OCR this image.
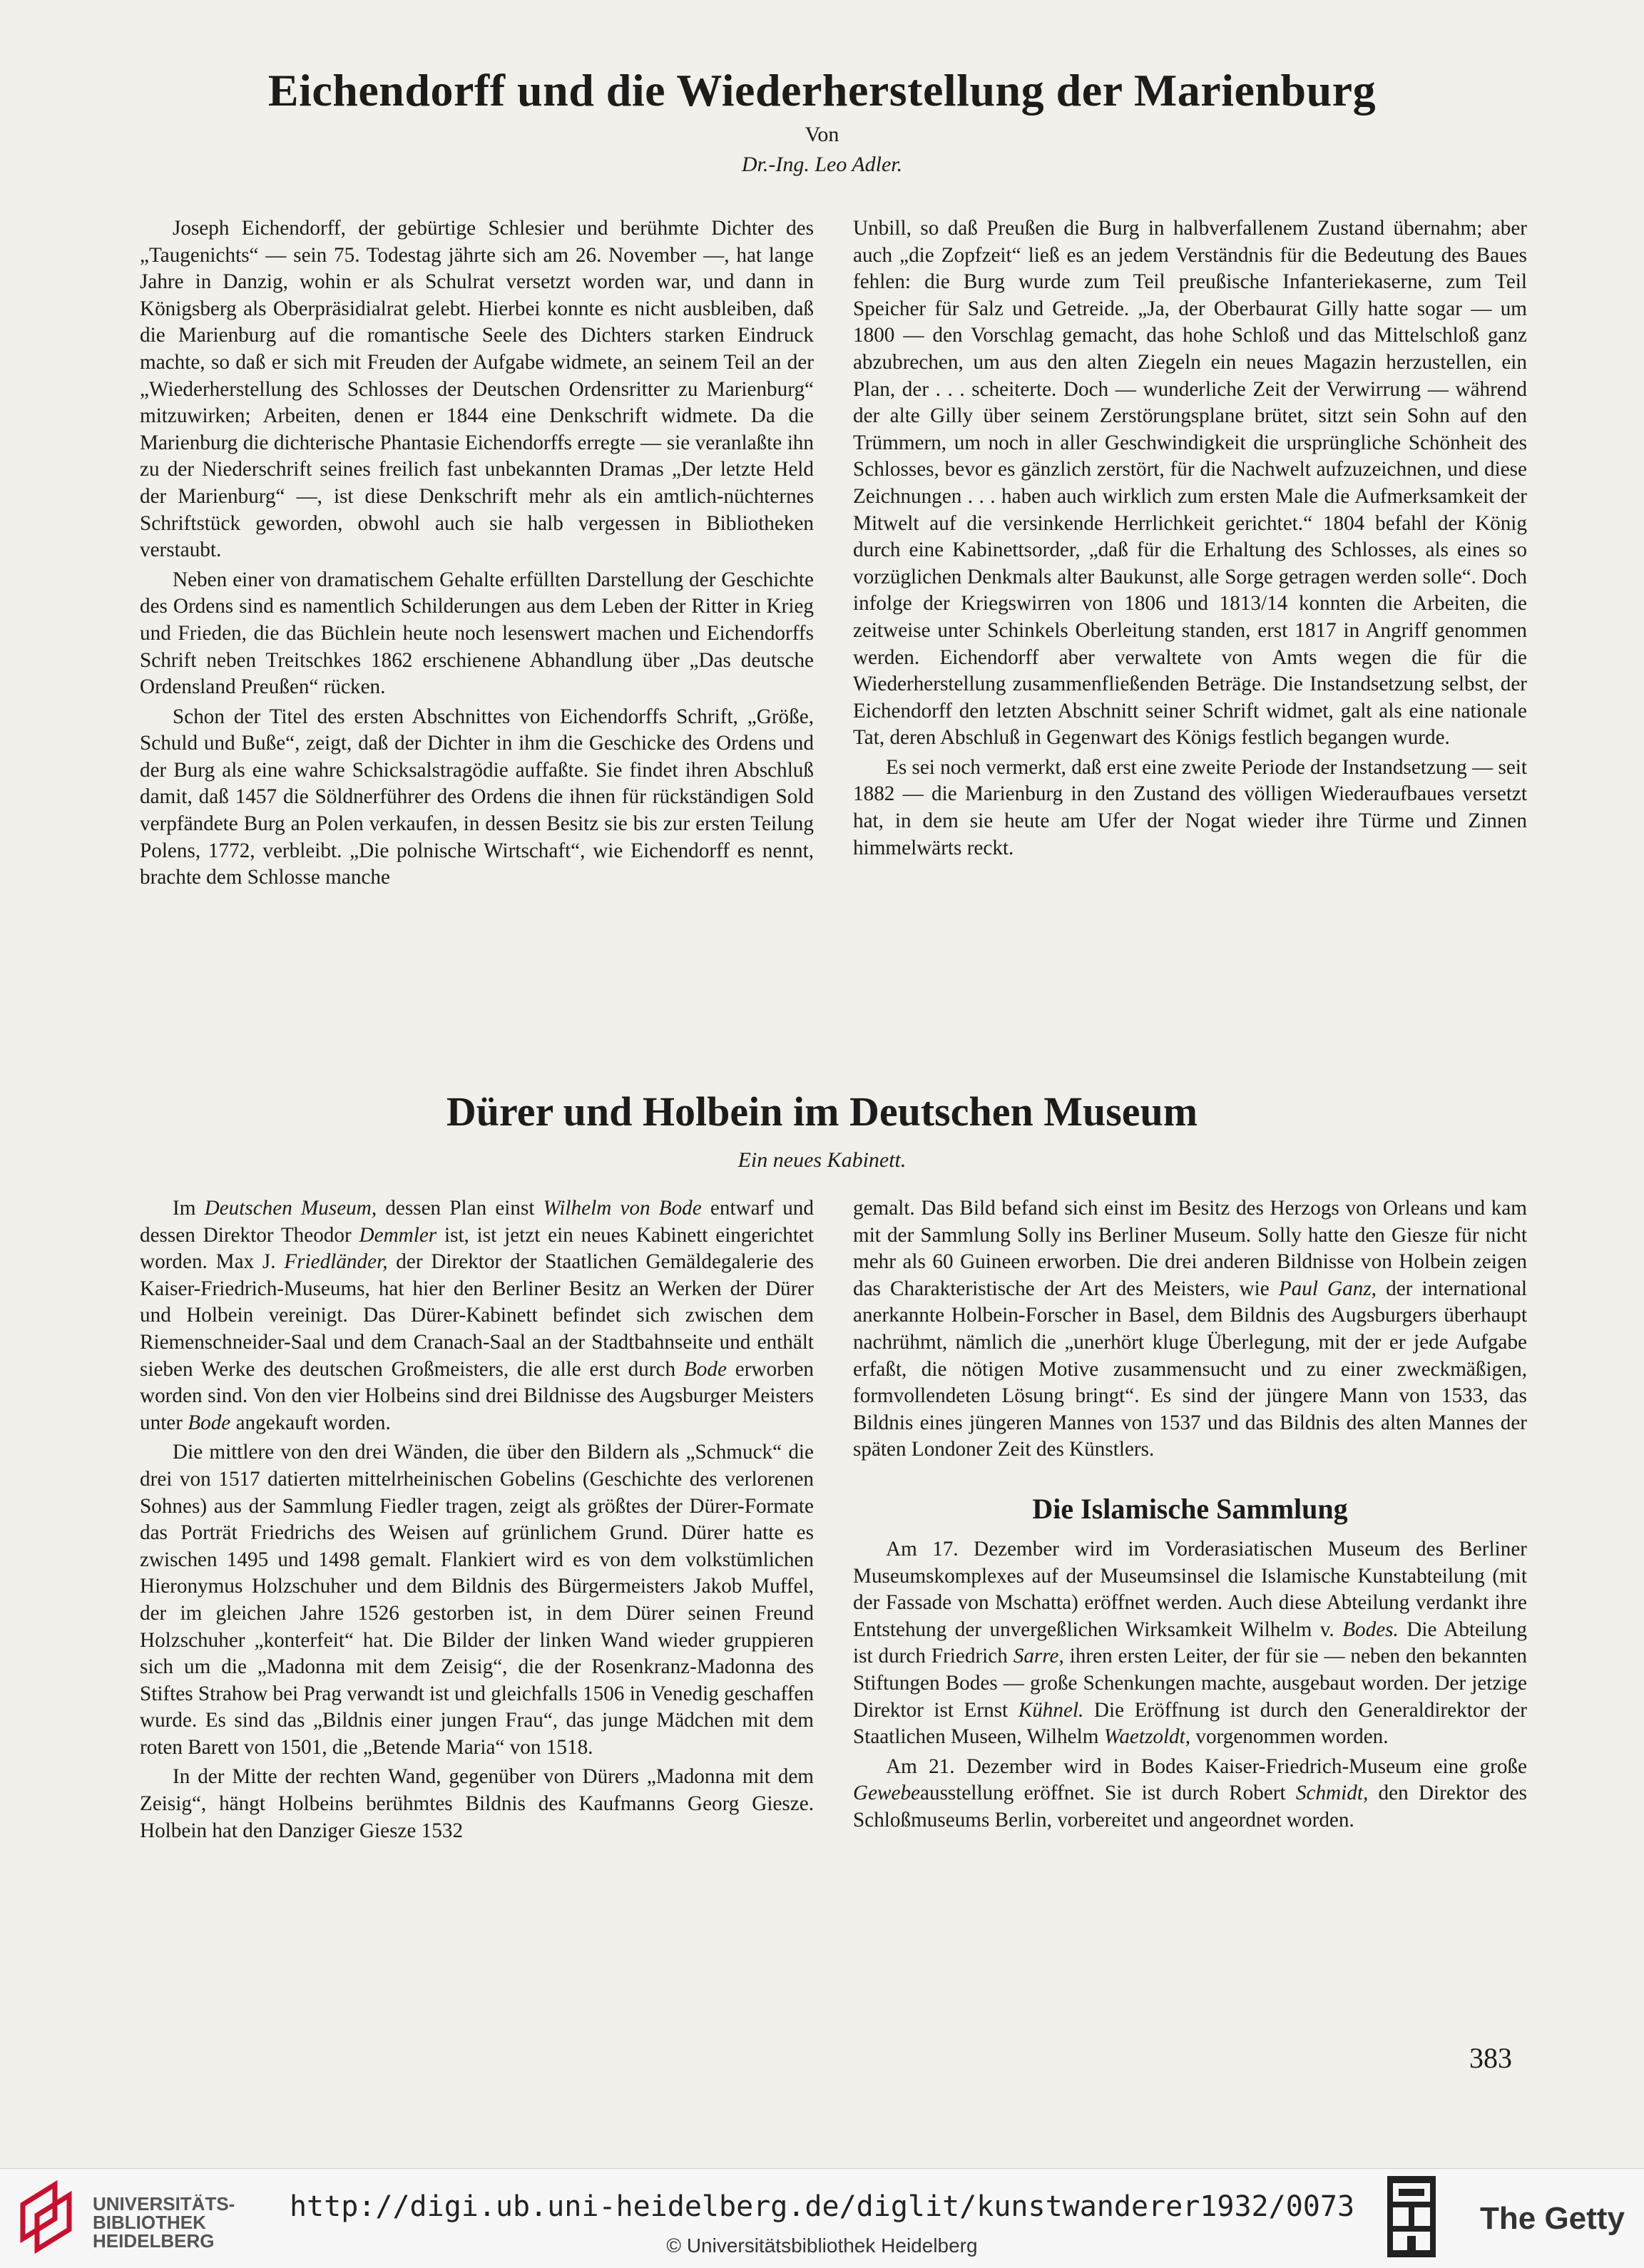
Eichendorff und die Wiederherstellung der Marienburg
Von
Dr.-Ing. Leo Adler.

Joseph Eichendorff, der gebürtige Schlesier und berühmte Dichter des „Taugenichts“ — sein 75. Todestag jährte sich am 26. November —, hat lange Jahre in Danzig, wohin er als Schulrat versetzt worden war, und dann in Königsberg als Oberpräsidialrat gelebt. Hierbei konnte es nicht ausbleiben, daß die Marienburg auf die romantische Seele des Dichters starken Eindruck machte, so daß er sich mit Freuden der Aufgabe widmete, an seinem Teil an der „Wiederherstellung des Schlosses der Deutschen Ordensritter zu Marienburg“ mitzuwirken; Arbeiten, denen er 1844 eine Denkschrift widmete. Da die Marienburg die dichterische Phantasie Eichendorffs erregte — sie veranlaßte ihn zu der Niederschrift seines freilich fast unbekannten Dramas „Der letzte Held der Marienburg“ —, ist diese Denkschrift mehr als ein amtlich-nüchternes Schriftstück geworden, obwohl auch sie halb vergessen in Bibliotheken verstaubt.

Neben einer von dramatischem Gehalte erfüllten Darstellung der Geschichte des Ordens sind es namentlich Schilderungen aus dem Leben der Ritter in Krieg und Frieden, die das Büchlein heute noch lesenswert machen und Eichendorffs Schrift neben Treitschkes 1862 erschienene Abhandlung über „Das deutsche Ordensland Preußen“ rücken.

Schon der Titel des ersten Abschnittes von Eichendorffs Schrift, „Größe, Schuld und Buße“, zeigt, daß der Dichter in ihm die Geschicke des Ordens und der Burg als eine wahre Schicksalstragödie auffaßte. Sie findet ihren Abschluß damit, daß 1457 die Söldnerführer des Ordens die ihnen für rückständigen Sold verpfändete Burg an Polen verkaufen, in dessen Besitz sie bis zur ersten Teilung Polens, 1772, verbleibt. „Die polnische Wirtschaft“, wie Eichendorff es nennt, brachte dem Schlosse manche

Unbill, so daß Preußen die Burg in halbverfallenem Zustand übernahm; aber auch „die Zopfzeit“ ließ es an jedem Verständnis für die Bedeutung des Baues fehlen: die Burg wurde zum Teil preußische Infanteriekaserne, zum Teil Speicher für Salz und Getreide. „Ja, der Oberbaurat Gilly hatte sogar — um 1800 — den Vorschlag gemacht, das hohe Schloß und das Mittelschloß ganz abzubrechen, um aus den alten Ziegeln ein neues Magazin herzustellen, ein Plan, der . . . scheiterte. Doch — wunderliche Zeit der Verwirrung — während der alte Gilly über seinem Zerstörungsplane brütet, sitzt sein Sohn auf den Trümmern, um noch in aller Geschwindigkeit die ursprüngliche Schönheit des Schlosses, bevor es gänzlich zerstört, für die Nachwelt aufzuzeichnen, und diese Zeichnungen . . . haben auch wirklich zum ersten Male die Aufmerksamkeit der Mitwelt auf die versinkende Herrlichkeit gerichtet.“ 1804 befahl der König durch eine Kabinettsorder, „daß für die Erhaltung des Schlosses, als eines so vorzüglichen Denkmals alter Baukunst, alle Sorge getragen werden solle“. Doch infolge der Kriegswirren von 1806 und 1813/14 konnten die Arbeiten, die zeitweise unter Schinkels Oberleitung standen, erst 1817 in Angriff genommen werden. Eichendorff aber verwaltete von Amts wegen die für die Wiederherstellung zusammenfließenden Beträge. Die Instandsetzung selbst, der Eichendorff den letzten Abschnitt seiner Schrift widmet, galt als eine nationale Tat, deren Abschluß in Gegenwart des Königs festlich begangen wurde.

Es sei noch vermerkt, daß erst eine zweite Periode der Instandsetzung — seit 1882 — die Marienburg in den Zustand des völligen Wiederaufbaues versetzt hat, in dem sie heute am Ufer der Nogat wieder ihre Türme und Zinnen himmelwärts reckt.

Dürer und Holbein im Deutschen Museum
Ein neues Kabinett.

Im Deutschen Museum, dessen Plan einst Wilhelm von Bode entwarf und dessen Direktor Theodor Demmler ist, ist jetzt ein neues Kabinett eingerichtet worden. Max J. Friedländer, der Direktor der Staatlichen Gemäldegalerie des Kaiser-Friedrich-Museums, hat hier den Berliner Besitz an Werken der Dürer und Holbein vereinigt. Das Dürer-Kabinett befindet sich zwischen dem Riemenschneider-Saal und dem Cranach-Saal an der Stadtbahnseite und enthält sieben Werke des deutschen Großmeisters, die alle erst durch Bode erworben worden sind. Von den vier Holbeins sind drei Bildnisse des Augsburger Meisters unter Bode angekauft worden.

Die mittlere von den drei Wänden, die über den Bildern als „Schmuck“ die drei von 1517 datierten mittelrheinischen Gobelins (Geschichte des verlorenen Sohnes) aus der Sammlung Fiedler tragen, zeigt als größtes der Dürer-Formate das Porträt Friedrichs des Weisen auf grünlichem Grund. Dürer hatte es zwischen 1495 und 1498 gemalt. Flankiert wird es von dem volkstümlichen Hieronymus Holzschuher und dem Bildnis des Bürgermeisters Jakob Muffel, der im gleichen Jahre 1526 gestorben ist, in dem Dürer seinen Freund Holzschuher „konterfeit“ hat. Die Bilder der linken Wand wieder gruppieren sich um die „Madonna mit dem Zeisig“, die der Rosenkranz-Madonna des Stiftes Strahow bei Prag verwandt ist und gleichfalls 1506 in Venedig geschaffen wurde. Es sind das „Bildnis einer jungen Frau“, das junge Mädchen mit dem roten Barett von 1501, die „Betende Maria“ von 1518.

In der Mitte der rechten Wand, gegenüber von Dürers „Madonna mit dem Zeisig“, hängt Holbeins berühmtes Bildnis des Kaufmanns Georg Giesze. Holbein hat den Danziger Giesze 1532

gemalt. Das Bild befand sich einst im Besitz des Herzogs von Orleans und kam mit der Sammlung Solly ins Berliner Museum. Solly hatte den Giesze für nicht mehr als 60 Guineen erworben. Die drei anderen Bildnisse von Holbein zeigen das Charakteristische der Art des Meisters, wie Paul Ganz, der international anerkannte Holbein-Forscher in Basel, dem Bildnis des Augsburgers überhaupt nachrühmt, nämlich die „unerhört kluge Überlegung, mit der er jede Aufgabe erfaßt, die nötigen Motive zusammensucht und zu einer zweckmäßigen, formvollendeten Lösung bringt“. Es sind der jüngere Mann von 1533, das Bildnis eines jüngeren Mannes von 1537 und das Bildnis des alten Mannes der späten Londoner Zeit des Künstlers.

Die Islamische Sammlung

Am 17. Dezember wird im Vorderasiatischen Museum des Berliner Museumskomplexes auf der Museumsinsel die Islamische Kunstabteilung (mit der Fassade von Mschatta) eröffnet werden. Auch diese Abteilung verdankt ihre Entstehung der unvergeßlichen Wirksamkeit Wilhelm v. Bodes. Die Abteilung ist durch Friedrich Sarre, ihren ersten Leiter, der für sie — neben den bekannten Stiftungen Bodes — große Schenkungen machte, ausgebaut worden. Der jetzige Direktor ist Ernst Kühnel. Die Eröffnung ist durch den Generaldirektor der Staatlichen Museen, Wilhelm Waetzoldt, vorgenommen worden.

Am 21. Dezember wird in Bodes Kaiser-Friedrich-Museum eine große Gewebeausstellung eröffnet. Sie ist durch Robert Schmidt, den Direktor des Schloßmuseums Berlin, vorbereitet und angeordnet worden.

383
UNIVERSITÄTS-
BIBLIOTHEK
HEIDELBERG
http://digi.ub.uni-heidelberg.de/diglit/kunstwanderer1932/0073
© Universitätsbibliothek Heidelberg
The Getty
